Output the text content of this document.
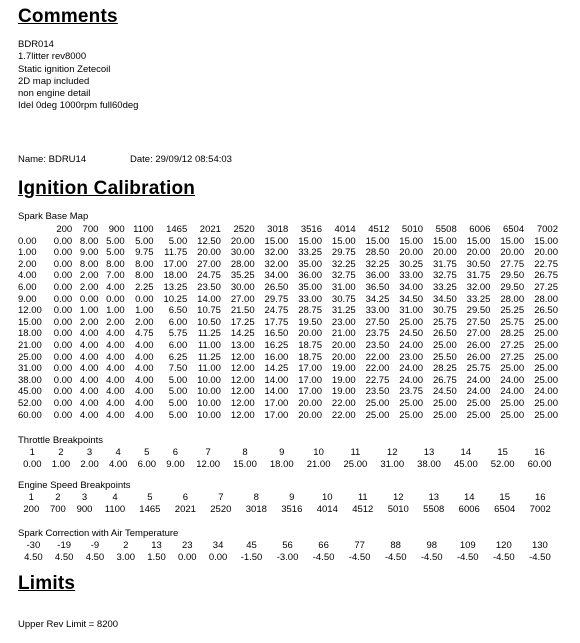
Comments
BDR014
1.7litter rev8000
Static ignition Zetecoil
2D map included
non engine detail
Idel 0deg 1000rpm full60deg
Name: BDRU14	Date: 29/09/12 08:54:03
Ignition Calibration
Spark Base Map
	200	700	900	1100	1465	2021	2520	3018	3516	4014	4512	5010	5508	6006	6504	7002
0.00	0.00	8.00	5.00	5.00	5.00	12.50	20.00	15.00	15.00	15.00	15.00	15.00	15.00	15.00	15.00	15.00
1.00	0.00	9.00	5.00	9.75	11.75	20.00	30.00	32.00	33.25	29.75	28.50	20.00	20.00	20.00	20.00	20.00
2.00	0.00	8.00	8.00	8.00	17.00	27.00	28.00	32.00	35.00	32.25	32.25	30.25	31.75	30.50	27.75	22.75
4.00	0.00	2.00	7.00	8.00	18.00	24.75	35.25	34.00	36.00	32.75	36.00	33.00	32.75	31.75	29.50	26.75
6.00	0.00	2.00	4.00	2.25	13.25	23.50	30.00	26.50	35.00	31.00	36.50	34.00	33.25	32.00	29.50	27.25
9.00	0.00	0.00	0.00	0.00	10.25	14.00	27.00	29.75	33.00	30.75	34.25	34.50	34.50	33.25	28.00	28.00
12.00	0.00	1.00	1.00	1.00	6.50	10.75	21.50	24.75	28.75	31.25	33.00	31.00	30.75	29.50	25.25	26.50
15.00	0.00	2.00	2.00	2.00	6.00	10.50	17.25	17.75	19.50	23.00	27.50	25.00	25.75	27.50	25.75	25.00
18.00	0.00	4.00	4.00	4.75	5.75	11.25	14.25	16.50	20.00	21.00	23.75	24.50	26.50	27.00	28.25	25.00
21.00	0.00	4.00	4.00	4.00	6.00	11.00	13.00	16.25	18.75	20.00	23.50	24.00	25.00	26.00	27.25	25.00
25.00	0.00	4.00	4.00	4.00	6.25	11.25	12.00	16.00	18.75	20.00	22.00	23.00	25.50	26.00	27.25	25.00
31.00	0.00	4.00	4.00	4.00	7.50	11.00	12.00	14.25	17.00	19.00	22.00	24.00	28.25	25.75	25.00	25.00
38.00	0.00	4.00	4.00	4.00	5.00	10.00	12.00	14.00	17.00	19.00	22.75	24.00	26.75	24.00	24.00	25.00
45.00	0.00	4.00	4.00	4.00	5.00	10.00	12.00	14.00	17.00	19.00	23.50	23.75	24.50	24.00	24.00	24.00
52.00	0.00	4.00	4.00	4.00	5.00	10.00	12.00	17.00	20.00	22.00	25.00	25.00	25.00	25.00	25.00	25.00
60.00	0.00	4.00	4.00	4.00	5.00	10.00	12.00	17.00	20.00	22.00	25.00	25.00	25.00	25.00	25.00	25.00
Throttle Breakpoints
1	2	3	4	5	6	7	8	9	10	11	12	13	14	15	16
0.00	1.00	2.00	4.00	6.00	9.00	12.00	15.00	18.00	21.00	25.00	31.00	38.00	45.00	52.00	60.00
Engine Speed Breakpoints
1	2	3	4	5	6	7	8	9	10	11	12	13	14	15	16
200	700	900	1100	1465	2021	2520	3018	3516	4014	4512	5010	5508	6006	6504	7002
Spark Correction with Air Temperature
-30	-19	-9	2	13	23	34	45	56	66	77	88	98	109	120	130
4.50	4.50	4.50	3.00	1.50	0.00	0.00	-1.50	-3.00	-4.50	-4.50	-4.50	-4.50	-4.50	-4.50	-4.50
Limits
Upper Rev Limit = 8200
